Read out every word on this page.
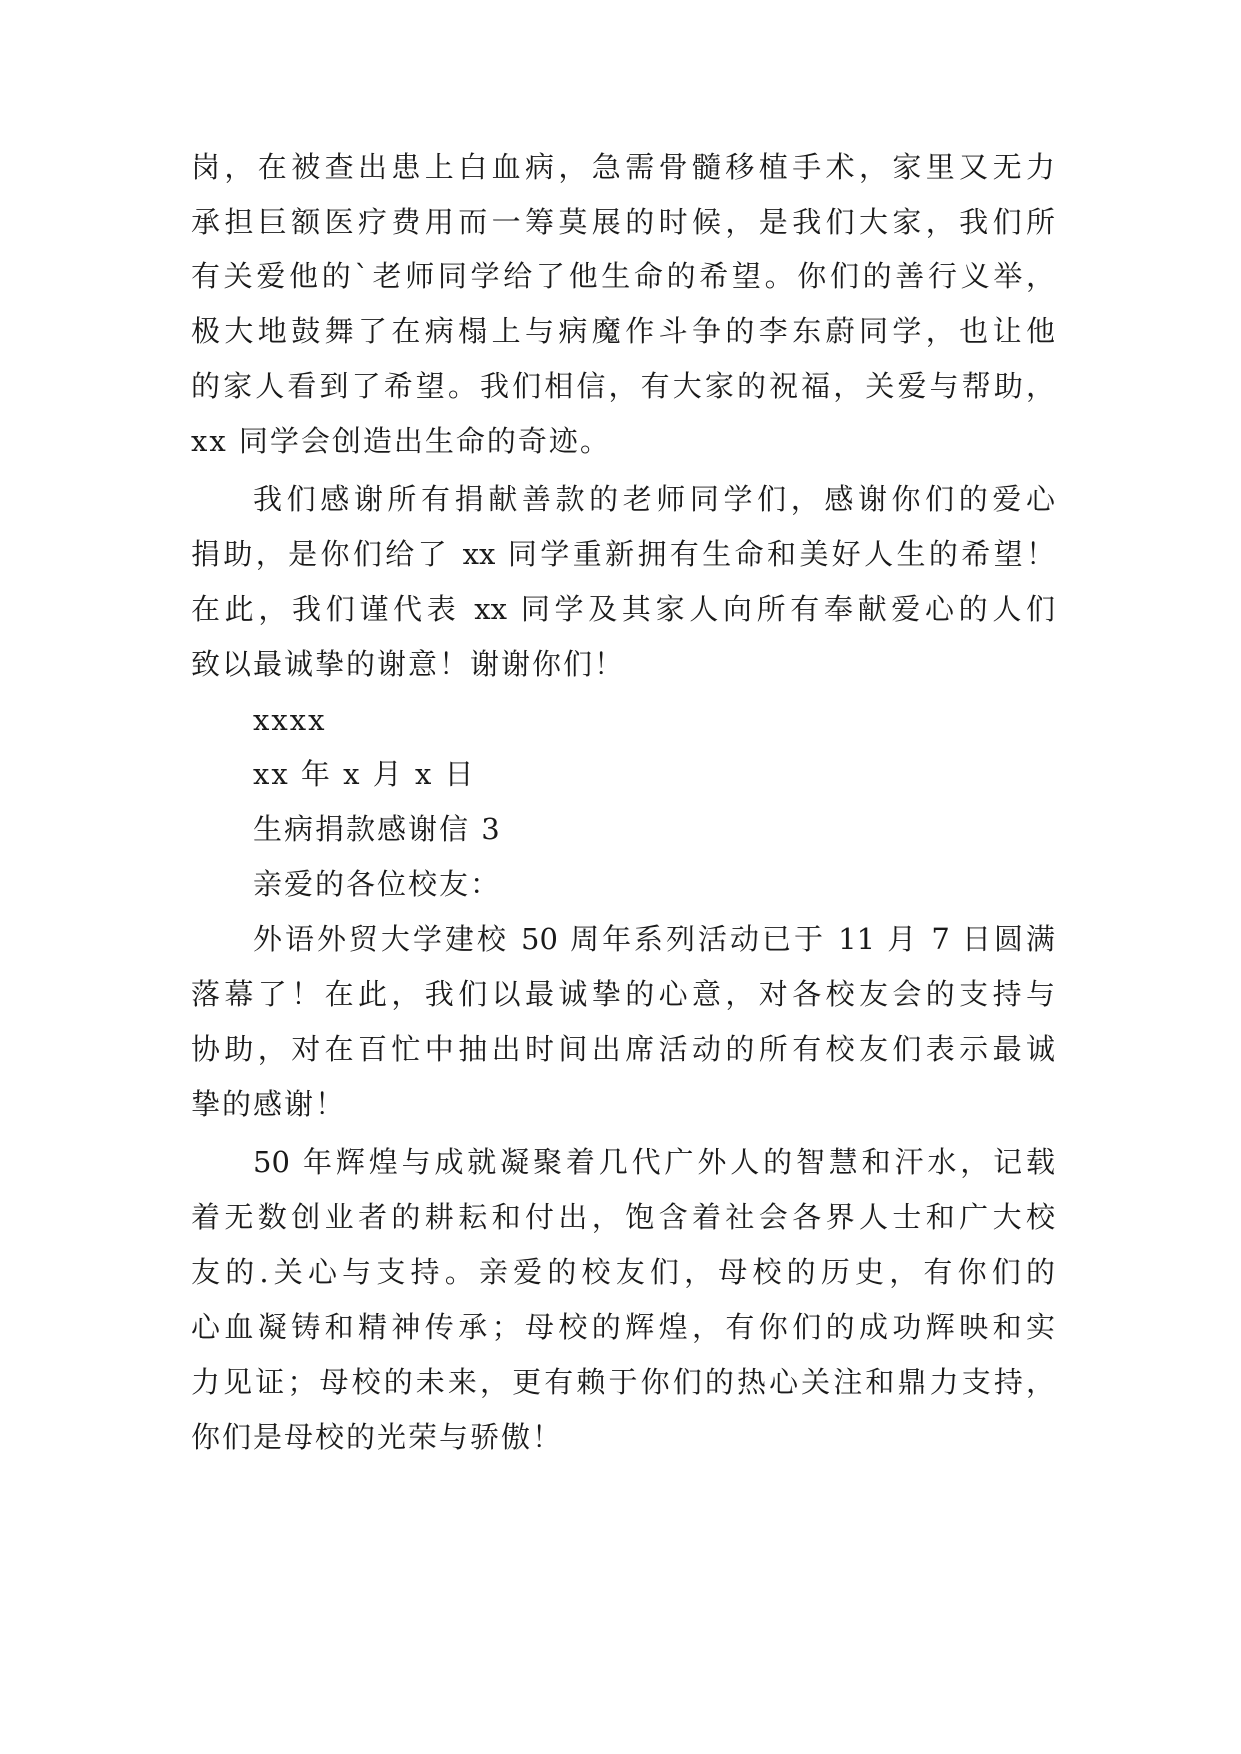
岗，在被查出患上白血病，急需骨髓移植手术，家里又无力
承担巨额医疗费用而一筹莫展的时候，是我们大家，我们所
有关爱他的`老师同学给了他生命的希望。你们的善行义举，
极大地鼓舞了在病榻上与病魔作斗争的李东蔚同学，也让他
的家人看到了希望。我们相信，有大家的祝福，关爱与帮助，
xx 同学会创造出生命的奇迹。
我们感谢所有捐献善款的老师同学们，感谢你们的爱心
捐助，是你们给了 xx 同学重新拥有生命和美好人生的希望！
在此，我们谨代表 xx 同学及其家人向所有奉献爱心的人们
致以最诚挚的谢意！谢谢你们！
xxxx
xx 年 x 月 x 日
生病捐款感谢信 3
亲爱的各位校友：
外语外贸大学建校 50 周年系列活动已于 11 月 7 日圆满
落幕了！在此，我们以最诚挚的心意，对各校友会的支持与
协助，对在百忙中抽出时间出席活动的所有校友们表示最诚
挚的感谢！
50 年辉煌与成就凝聚着几代广外人的智慧和汗水，记载
着无数创业者的耕耘和付出，饱含着社会各界人士和广大校
友的.关心与支持。亲爱的校友们，母校的历史，有你们的
心血凝铸和精神传承；母校的辉煌，有你们的成功辉映和实
力见证；母校的未来，更有赖于你们的热心关注和鼎力支持，
你们是母校的光荣与骄傲！
